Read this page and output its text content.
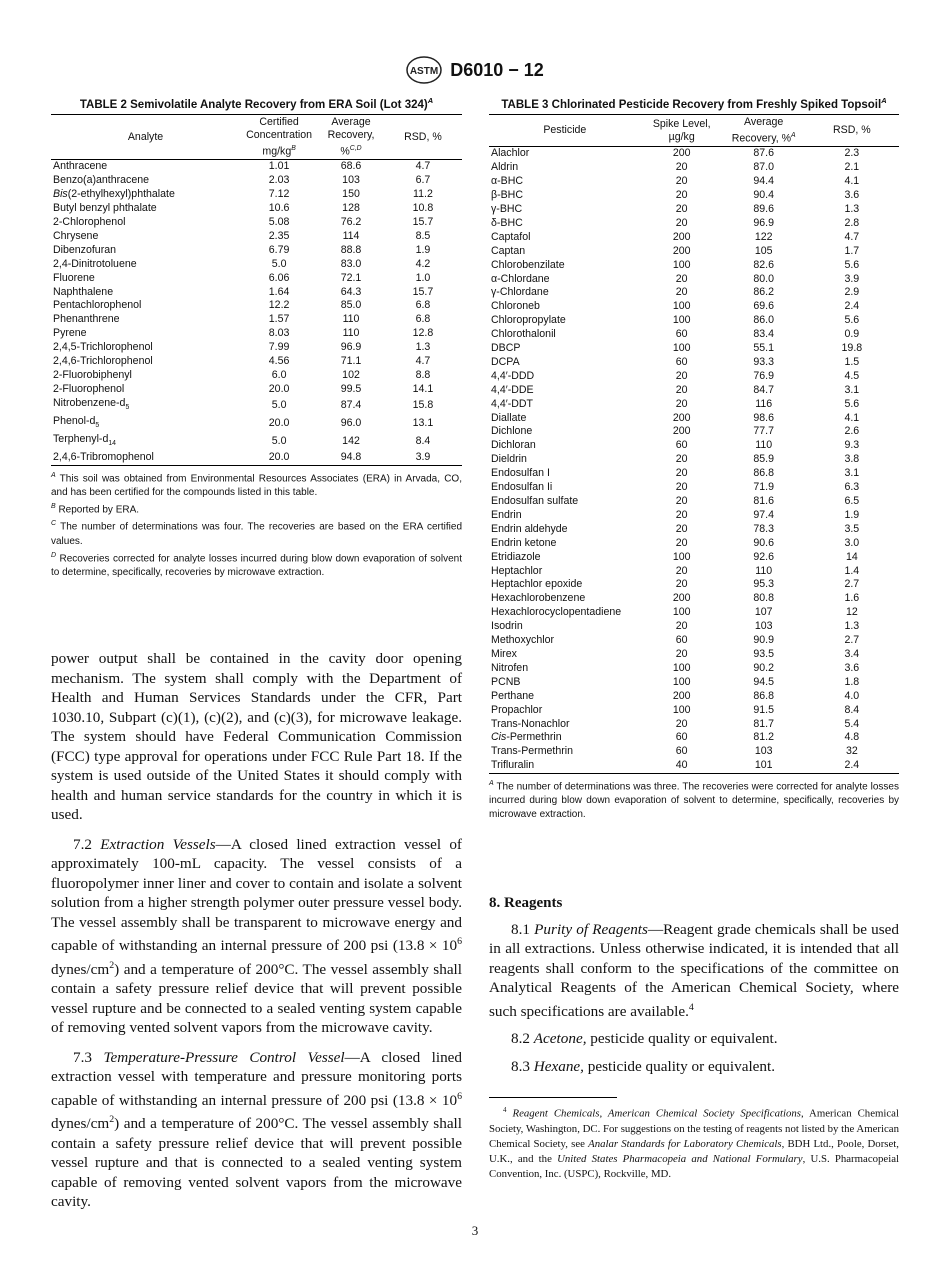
ASTM D6010 − 12
TABLE 2 Semivolatile Analyte Recovery from ERA Soil (Lot 324)$^A$
Analyte	Certified Concentration $mg/kg^B$	Average Recovery, %$^{C,D}$	RSD, %
Anthracene	1.01	68.6	4.7
Benzo(a)anthracene	2.03	103	6.7
Bis(2-ethylhexyl)phthalate	7.12	150	11.2
Butyl benzyl phthalate	10.6	128	10.8
2-Chlorophenol	5.08	76.2	15.7
Chrysene	2.35	114	8.5
Dibenzofuran	6.79	88.8	1.9
2,4-Dinitrotoluene	5.0	83.0	4.2
Fluorene	6.06	72.1	1.0
Naphthalene	1.64	64.3	15.7
Pentachlorophenol	12.2	85.0	6.8
Phenanthrene	1.57	110	6.8
Pyrene	8.03	110	12.8
2,4,5-Trichlorophenol	7.99	96.9	1.3
2,4,6-Trichlorophenol	4.56	71.1	4.7
2-Fluorobiphenyl	6.0	102	8.8
2-Fluorophenol	20.0	99.5	14.1
Nitrobenzene-$d_5$	5.0	87.4	15.8
Phenol-$d_5$	20.0	96.0	13.1
Terphenyl-$d_{14}$	5.0	142	8.4
2,4,6-Tribromophenol	20.0	94.8	3.9
$^A$ This soil was obtained from Environmental Resources Associates (ERA) in Arvada, CO, and has been certified for the compounds listed in this table.
$^B$ Reported by ERA.
$^C$ The number of determinations was four. The recoveries are based on the ERA certified values.
$^D$ Recoveries corrected for analyte losses incurred during blow down evaporation of solvent to determine, specifically, recoveries by microwave extraction.

power output shall be contained in the cavity door opening mechanism. The system shall comply with the Department of Health and Human Services Standards under the CFR, Part 1030.10, Subpart (c)(1), (c)(2), and (c)(3), for microwave leakage. The system should have Federal Communication Commission (FCC) type approval for operations under FCC Rule Part 18. If the system is used outside of the United States it should comply with health and human service standards for the country in which it is used.

7.2 Extraction Vessels—A closed lined extraction vessel of approximately 100-mL capacity. The vessel consists of a fluoropolymer inner liner and cover to contain and isolate a solvent solution from a higher strength polymer outer pressure vessel body. The vessel assembly shall be transparent to microwave energy and capable of withstanding an internal pressure of 200 psi ($13.8 \times 10^6$ dynes/$cm^2$) and a temperature of 200°C. The vessel assembly shall contain a safety pressure relief device that will prevent possible vessel rupture and be connected to a sealed venting system capable of removing vented solvent vapors from the microwave cavity.

7.3 Temperature-Pressure Control Vessel—A closed lined extraction vessel with temperature and pressure monitoring ports capable of withstanding an internal pressure of 200 psi ($13.8 \times 10^6$ dynes/$cm^2$) and a temperature of 200°C. The vessel assembly shall contain a safety pressure relief device that will prevent possible vessel rupture and that is connected to a sealed venting system capable of removing vented solvent vapors from the microwave cavity.

TABLE 3 Chlorinated Pesticide Recovery from Freshly Spiked Topsoil$^A$
Pesticide	Spike Level, µg/kg	Average Recovery, %$^A$	RSD, %
Alachlor	200	87.6	2.3
Aldrin	20	87.0	2.1
α-BHC	20	94.4	4.1
β-BHC	20	90.4	3.6
γ-BHC	20	89.6	1.3
δ-BHC	20	96.9	2.8
Captafol	200	122	4.7
Captan	200	105	1.7
Chlorobenzilate	100	82.6	5.6
α-Chlordane	20	80.0	3.9
γ-Chlordane	20	86.2	2.9
Chloroneb	100	69.6	2.4
Chloropropylate	100	86.0	5.6
Chlorothalonil	60	83.4	0.9
DBCP	100	55.1	19.8
DCPA	60	93.3	1.5
4,4′-DDD	20	76.9	4.5
4,4′-DDE	20	84.7	3.1
4,4′-DDT	20	116	5.6
Diallate	200	98.6	4.1
Dichlone	200	77.7	2.6
Dichloran	60	110	9.3
Dieldrin	20	85.9	3.8
Endosulfan I	20	86.8	3.1
Endosulfan Ii	20	71.9	6.3
Endosulfan sulfate	20	81.6	6.5
Endrin	20	97.4	1.9
Endrin aldehyde	20	78.3	3.5
Endrin ketone	20	90.6	3.0
Etridiazole	100	92.6	14
Heptachlor	20	110	1.4
Heptachlor epoxide	20	95.3	2.7
Hexachlorobenzene	200	80.8	1.6
Hexachlorocyclopentadiene	100	107	12
Isodrin	20	103	1.3
Methoxychlor	60	90.9	2.7
Mirex	20	93.5	3.4
Nitrofen	100	90.2	3.6
PCNB	100	94.5	1.8
Perthane	200	86.8	4.0
Propachlor	100	91.5	8.4
Trans-Nonachlor	20	81.7	5.4
Cis-Permethrin	60	81.2	4.8
Trans-Permethrin	60	103	32
Trifluralin	40	101	2.4
$^A$ The number of determinations was three. The recoveries were corrected for analyte losses incurred during blow down evaporation of solvent to determine, specifically, recoveries by microwave extraction.
8. Reagents

8.1 Purity of Reagents—Reagent grade chemicals shall be used in all extractions. Unless otherwise indicated, it is intended that all reagents shall conform to the specifications of the committee on Analytical Reagents of the American Chemical Society, where such specifications are available.$^4$

8.2 Acetone, pesticide quality or equivalent.

8.3 Hexane, pesticide quality or equivalent.

$^4$ Reagent Chemicals, American Chemical Society Specifications, American Chemical Society, Washington, DC. For suggestions on the testing of reagents not listed by the American Chemical Society, see Analar Standards for Laboratory Chemicals, BDH Ltd., Poole, Dorset, U.K., and the United States Pharmacopeia and National Formulary, U.S. Pharmacopeial Convention, Inc. (USPC), Rockville, MD.
3
